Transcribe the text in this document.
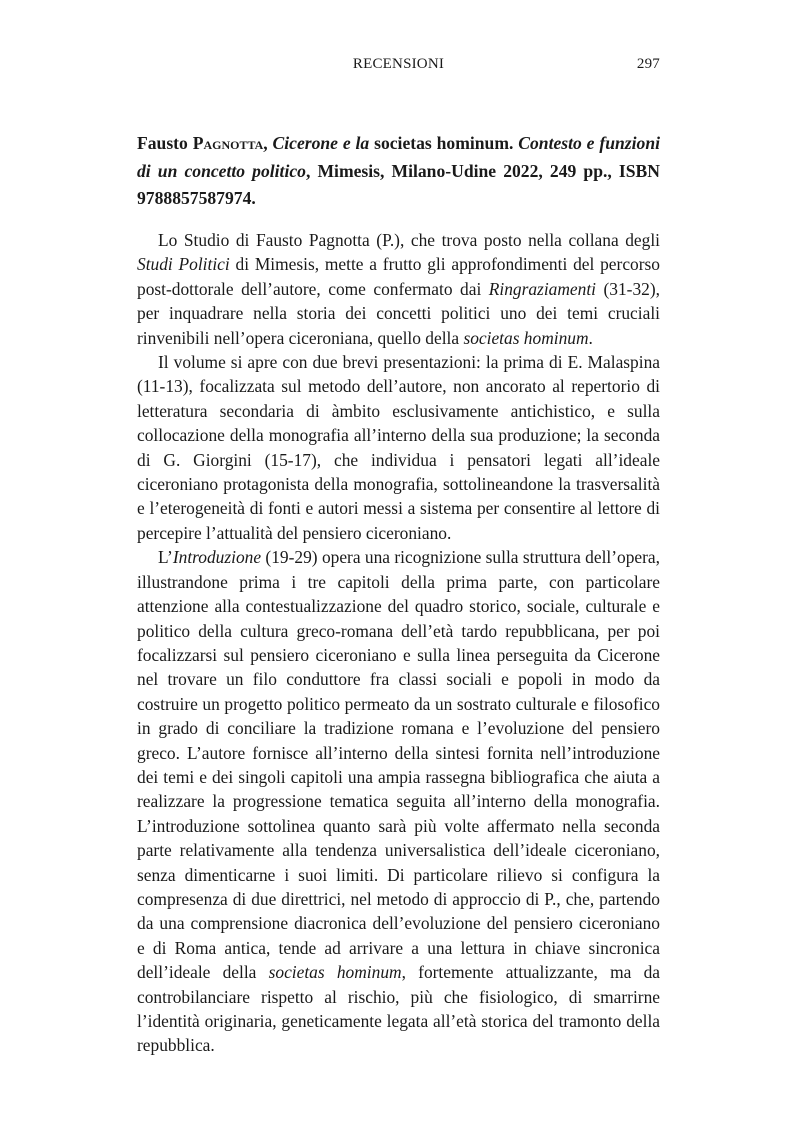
RECENSIONI	297
Fausto Pagnotta, Cicerone e la societas hominum. Contesto e funzioni di un concetto politico, Mimesis, Milano-Udine 2022, 249 pp., ISBN 9788857587974.

Lo Studio di Fausto Pagnotta (P.), che trova posto nella collana degli Studi Politici di Mimesis, mette a frutto gli approfondimenti del percorso post-dottorale dell’autore, come confermato dai Ringraziamenti (31-32), per inquadrare nella storia dei concetti politici uno dei temi cruciali rinvenibili nell’opera ciceroniana, quello della societas hominum.

Il volume si apre con due brevi presentazioni: la prima di E. Malaspina (11-13), focalizzata sul metodo dell’autore, non ancorato al repertorio di letteratura secondaria di àmbito esclusivamente antichistico, e sulla collocazione della monografia all’interno della sua produzione; la seconda di G. Giorgini (15-17), che individua i pensatori legati all’ideale ciceroniano protagonista della monografia, sottolineandone la trasversalità e l’eterogeneità di fonti e autori messi a sistema per consentire al lettore di percepire l’attualità del pensiero ciceroniano.

L’Introduzione (19-29) opera una ricognizione sulla struttura dell’opera, illustrandone prima i tre capitoli della prima parte, con particolare attenzione alla contestualizzazione del quadro storico, sociale, culturale e politico della cultura greco-romana dell’età tardo repubblicana, per poi focalizzarsi sul pensiero ciceroniano e sulla linea perseguita da Cicerone nel trovare un filo conduttore fra classi sociali e popoli in modo da costruire un progetto politico permeato da un sostrato culturale e filosofico in grado di conciliare la tradizione romana e l’evoluzione del pensiero greco. L’autore fornisce all’interno della sintesi fornita nell’introduzione dei temi e dei singoli capitoli una ampia rassegna bibliografica che aiuta a realizzare la progressione tematica seguita all’interno della monografia. L’introduzione sottolinea quanto sarà più volte affermato nella seconda parte relativamente alla tendenza universalistica dell’ideale ciceroniano, senza dimenticarne i suoi limiti. Di particolare rilievo si configura la compresenza di due direttrici, nel metodo di approccio di P., che, partendo da una comprensione diacronica dell’evoluzione del pensiero ciceroniano e di Roma antica, tende ad arrivare a una lettura in chiave sincronica dell’ideale della societas hominum, fortemente attualizzante, ma da controbilanciare rispetto al rischio, più che fisiologico, di smarrirne l’identità originaria, geneticamente legata all’età storica del tramonto della repubblica.
